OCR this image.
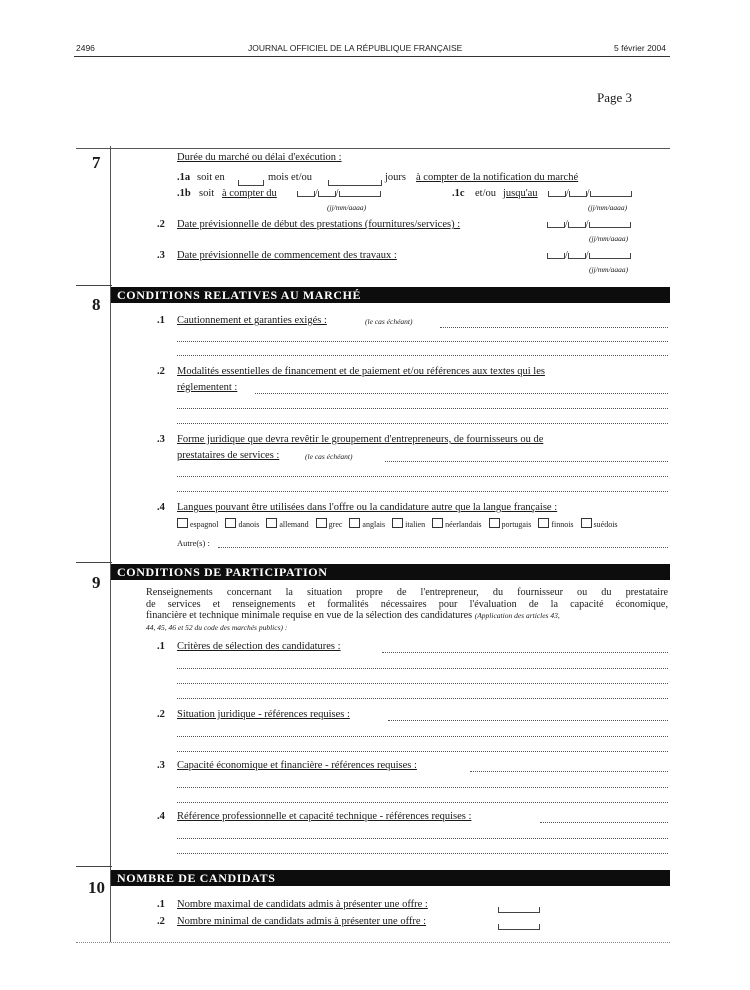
2496	JOURNAL OFFICIEL DE LA RÉPUBLIQUE FRANÇAISE	5 février 2004
Page 3
7	Durée du marché ou délai d'exécution :
.1a soit en	mois et/ou	jours à compter de la notification du marché
.1b soit à compter du	/ /
(jj/mm/aaaa)
.1c et/ou jusqu'au	/ /
(jj/mm/aaaa)
.2 Date prévisionnelle de début des prestations (fournitures/services) :	/ /
(jj/mm/aaaa)
.3 Date prévisionnelle de commencement des travaux :	/ /
(jj/mm/aaaa)
8	CONDITIONS RELATIVES AU MARCHÉ
.1 Cautionnement et garanties exigés :	(le cas échéant)
.2 Modalités essentielles de financement et de paiement et/ou références aux textes qui les
réglementent :
.3 Forme juridique que devra revêtir le groupement d'entrepreneurs, de fournisseurs ou de
prestataires de services :	(le cas échéant)
.4 Langues pouvant être utilisées dans l'offre ou la candidature autre que la langue française :
espagnol	danois	allemand	grec	anglais	italien	néerlandais	portugais	finnois	suédois
Autre(s) :
9
CONDITIONS DE PARTICIPATION
Renseignements concernant la situation propre de l'entrepreneur, du fournisseur ou du prestataire
de services et renseignements et formalités nécessaires pour l'évaluation de la capacité économique,
financière et technique minimale requise en vue de la sélection des candidatures (Application des articles 43,
44, 45, 46 et 52 du code des marchés publics) :
.1 Critères de sélection des candidatures :
.2 Situation juridique - références requises :
.3 Capacité économique et financière - références requises :
.4 Référence professionnelle et capacité technique - références requises :
10	NOMBRE DE CANDIDATS
.1 Nombre maximal de candidats admis à présenter une offre :
.2 Nombre minimal de candidats admis à présenter une offre :
